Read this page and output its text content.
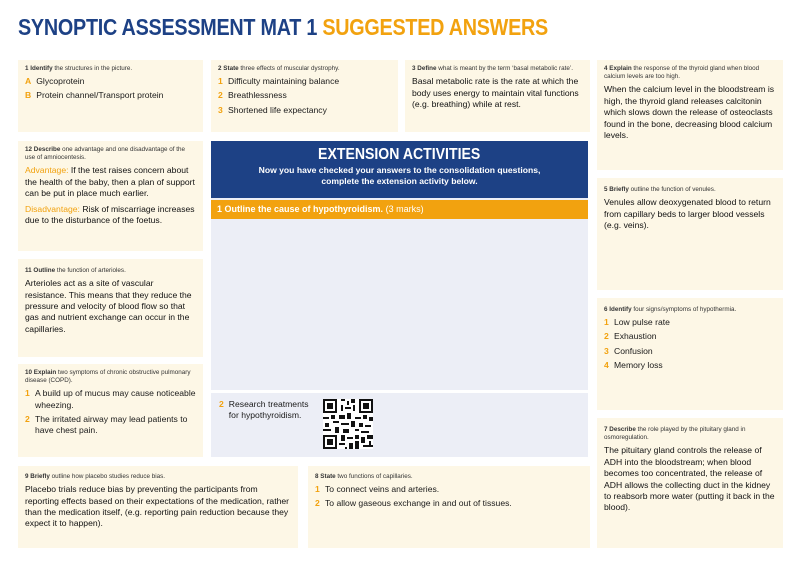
SYNOPTIC ASSESSMENT MAT 1 SUGGESTED ANSWERS
1 Identify the structures in the picture.
A Glycoprotein
B Protein channel/Transport protein
2 State three effects of muscular dystrophy.
1 Difficulty maintaining balance
2 Breathlessness
3 Shortened life expectancy
3 Define what is meant by the term ‘basal metabolic rate’.
Basal metabolic rate is the rate at which the body uses energy to maintain vital functions (e.g. breathing) while at rest.
4 Explain the response of the thyroid gland when blood calcium levels are too high.
When the calcium level in the bloodstream is high, the thyroid gland releases calcitonin which slows down the release of osteoclasts found in the bone, decreasing blood calcium levels.
12 Describe one advantage and one disadvantage of the use of amniocentesis.
Advantage: If the test raises concern about the health of the baby, then a plan of support can be put in place much earlier.
Disadvantage: Risk of miscarriage increases due to the disturbance of the foetus.
EXTENSION ACTIVITIES
Now you have checked your answers to the consolidation questions,
complete the extension activity below.
1 Outline the cause of hypothyroidism. (3 marks)
2 Research treatments for hypothyroidism.
5 Briefly outline the function of venules.
Venules allow deoxygenated blood to return from capillary beds to larger blood vessels (e.g. veins).
11 Outline the function of arterioles.
Arterioles act as a site of vascular resistance. This means that they reduce the pressure and velocity of blood flow so that gas and nutrient exchange can occur in the capillaries.
6 Identify four signs/symptoms of hypothermia.
1 Low pulse rate
2 Exhaustion
3 Confusion
4 Memory loss
10 Explain two symptoms of chronic obstructive pulmonary disease (COPD).
1 A build up of mucus may cause noticeable wheezing.
2 The irritated airway may lead patients to have chest pain.	7 Describe the role played by the pituitary gland in osmoregulation.
The pituitary gland controls the release of ADH into the bloodstream; when blood becomes too concentrated, the release of ADH allows the collecting duct in the kidney to reabsorb more water (putting it back in the blood).
9 Briefly outline how placebo studies reduce bias.
Placebo trials reduce bias by preventing the participants from reporting effects based on their expectations of the medication, rather than the medication itself, (e.g. reporting pain reduction because they expect it to happen).
8 State two functions of capillaries.
1 To connect veins and arteries.
2 To allow gaseous exchange in and out of tissues.
